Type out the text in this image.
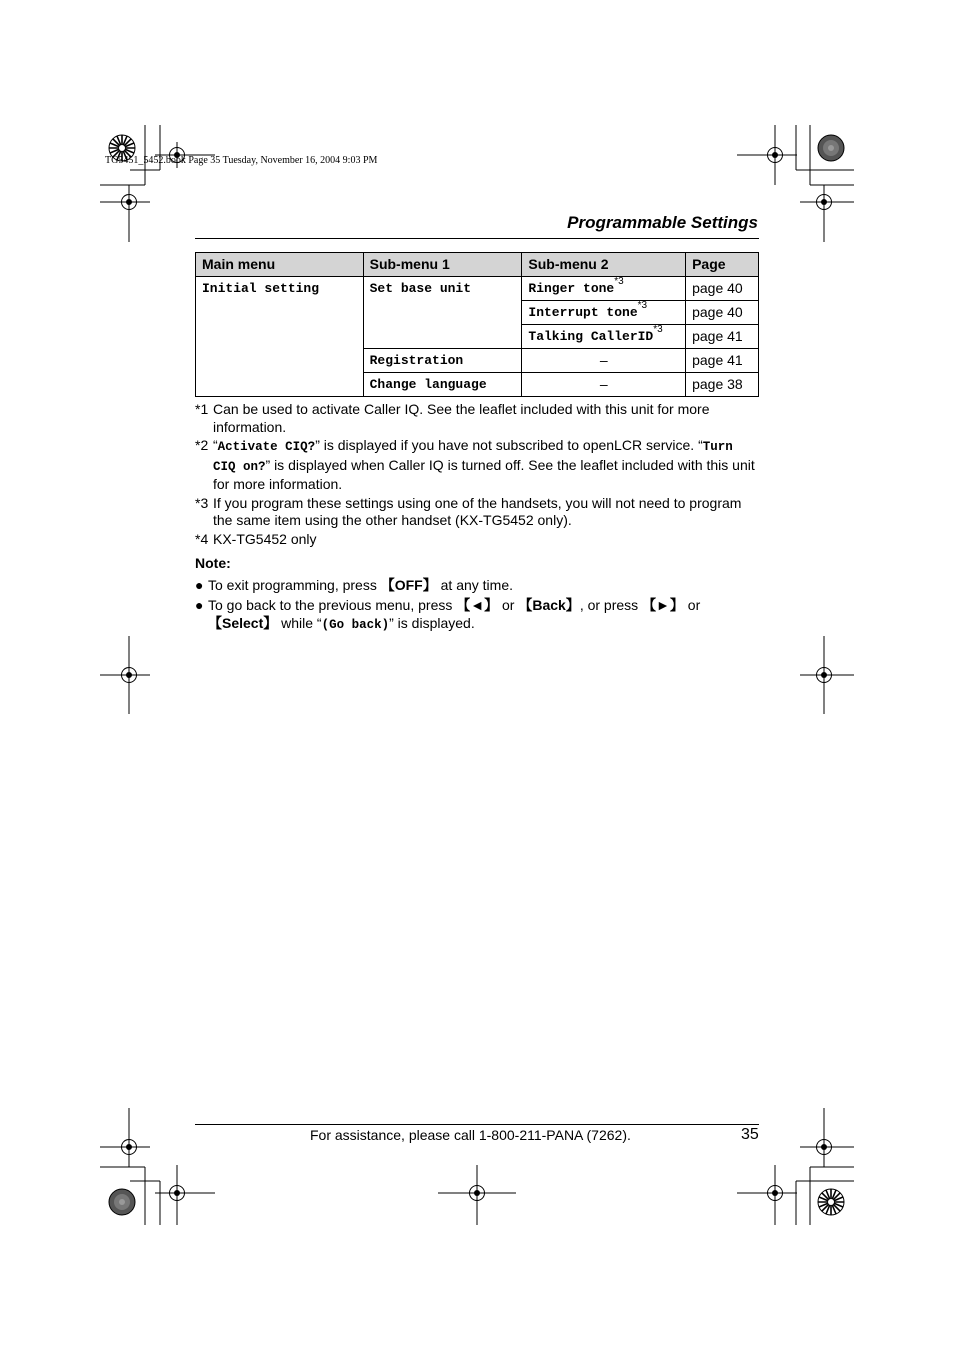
TG5451_5452.book Page 35 Tuesday, November 16, 2004 9:03 PM
Programmable Settings
Main menu	Sub-menu 1	Sub-menu 2	Page
Initial setting	Set base unit	Ringer tone$^{*3}$	page 40
		Interrupt tone$^{*3}$	page 40
		Talking CallerID$^{*3}$	page 41
	Registration	–	page 41
	Change language	–	page 38
*1 Can be used to activate Caller IQ. See the leaflet included with this unit for more information.
*2 “Activate CIQ?” is displayed if you have not subscribed to openLCR service. “Turn CIQ on?” is displayed when Caller IQ is turned off. See the leaflet included with this unit for more information.
*3 If you program these settings using one of the handsets, you will not need to program the same item using the other handset (KX-TG5452 only).
*4 KX-TG5452 only
Note:
● To exit programming, press 【OFF】 at any time.
● To go back to the previous menu, press 【◄】 or 【Back】, or press 【►】 or 【Select】 while “(Go back)” is displayed.
For assistance, please call 1-800-211-PANA (7262).	35
